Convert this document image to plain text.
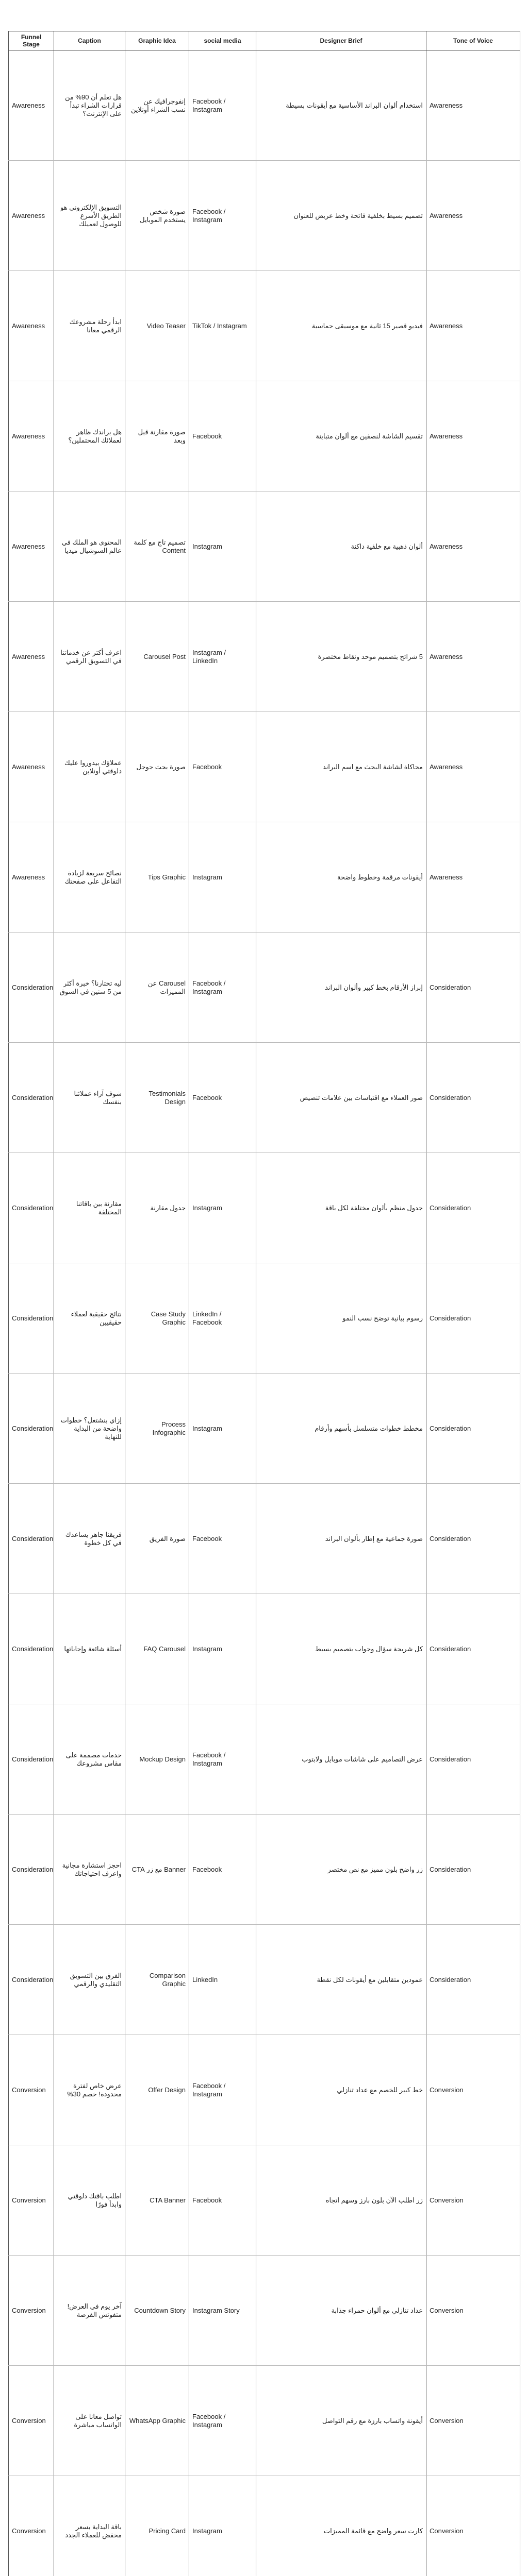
Funnel Stage	Caption	Graphic Idea	social media	Designer Brief	Tone of Voice
Awareness	هل تعلم أن 90% من قرارات الشراء تبدأ على الإنترنت؟	إنفوجرافيك عن نسب الشراء أونلاين	Facebook / Instagram	استخدام ألوان البراند الأساسية مع أيقونات بسيطة	Awareness
Awareness	التسويق الإلكتروني هو الطريق الأسرع للوصول لعميلك	صورة شخص يستخدم الموبايل	Facebook / Instagram	تصميم بسيط بخلفية فاتحة وخط عريض للعنوان	Awareness
Awareness	ابدأ رحلة مشروعك الرقمي معانا	Video Teaser	TikTok / Instagram	فيديو قصير 15 ثانية مع موسيقى حماسية	Awareness
Awareness	هل براندك ظاهر لعملائك المحتملين؟	صورة مقارنة قبل وبعد	Facebook	تقسيم الشاشة لنصفين مع ألوان متباينة	Awareness
Awareness	المحتوى هو الملك في عالم السوشيال ميديا	تصميم تاج مع كلمة Content	Instagram	ألوان ذهبية مع خلفية داكنة	Awareness
Awareness	اعرف أكتر عن خدماتنا في التسويق الرقمي	Carousel Post	Instagram / LinkedIn	5 شرائح بتصميم موحد ونقاط مختصرة	Awareness
Awareness	عملاؤك بيدوروا عليك دلوقتي أونلاين	صورة بحث جوجل	Facebook	محاكاة لشاشة البحث مع اسم البراند	Awareness
Awareness	نصائح سريعة لزيادة التفاعل على صفحتك	Tips Graphic	Instagram	أيقونات مرقمة وخطوط واضحة	Awareness
Consideration	ليه تختارنا؟ خبرة أكثر من 5 سنين في السوق	Carousel عن المميزات	Facebook / Instagram	إبراز الأرقام بخط كبير وألوان البراند	Consideration
Consideration	شوف آراء عملائنا بنفسك	Testimonials Design	Facebook	صور العملاء مع اقتباسات بين علامات تنصيص	Consideration
Consideration	مقارنة بين باقاتنا المختلفة	جدول مقارنة	Instagram	جدول منظم بألوان مختلفة لكل باقة	Consideration
Consideration	نتائج حقيقية لعملاء حقيقيين	Case Study Graphic	LinkedIn / Facebook	رسوم بيانية توضح نسب النمو	Consideration
Consideration	إزاي بنشتغل؟ خطوات واضحة من البداية للنهاية	Process Infographic	Instagram	مخطط خطوات متسلسل بأسهم وأرقام	Consideration
Consideration	فريقنا جاهز يساعدك في كل خطوة	صورة الفريق	Facebook	صورة جماعية مع إطار بألوان البراند	Consideration
Consideration	أسئلة شائعة وإجاباتها	FAQ Carousel	Instagram	كل شريحة سؤال وجواب بتصميم بسيط	Consideration
Consideration	خدمات مصممة على مقاس مشروعك	Mockup Design	Facebook / Instagram	عرض التصاميم على شاشات موبايل ولابتوب	Consideration
Consideration	احجز استشارة مجانية واعرف احتياجاتك	Banner مع زر CTA	Facebook	زر واضح بلون مميز مع نص مختصر	Consideration
Consideration	الفرق بين التسويق التقليدي والرقمي	Comparison Graphic	LinkedIn	عمودين متقابلين مع أيقونات لكل نقطة	Consideration
Conversion	عرض خاص لفترة محدودة! خصم 30%	Offer Design	Facebook / Instagram	خط كبير للخصم مع عداد تنازلي	Conversion
Conversion	اطلب باقتك دلوقتي وابدأ فورًا	CTA Banner	Facebook	زر اطلب الآن بلون بارز وسهم اتجاه	Conversion
Conversion	آخر يوم في العرض! متفوتش الفرصة	Countdown Story	Instagram Story	عداد تنازلي مع ألوان حمراء جذابة	Conversion
Conversion	تواصل معانا على الواتساب مباشرة	WhatsApp Graphic	Facebook / Instagram	أيقونة واتساب بارزة مع رقم التواصل	Conversion
Conversion	باقة البداية بسعر مخفض للعملاء الجدد	Pricing Card	Instagram	كارت سعر واضح مع قائمة المميزات	Conversion
